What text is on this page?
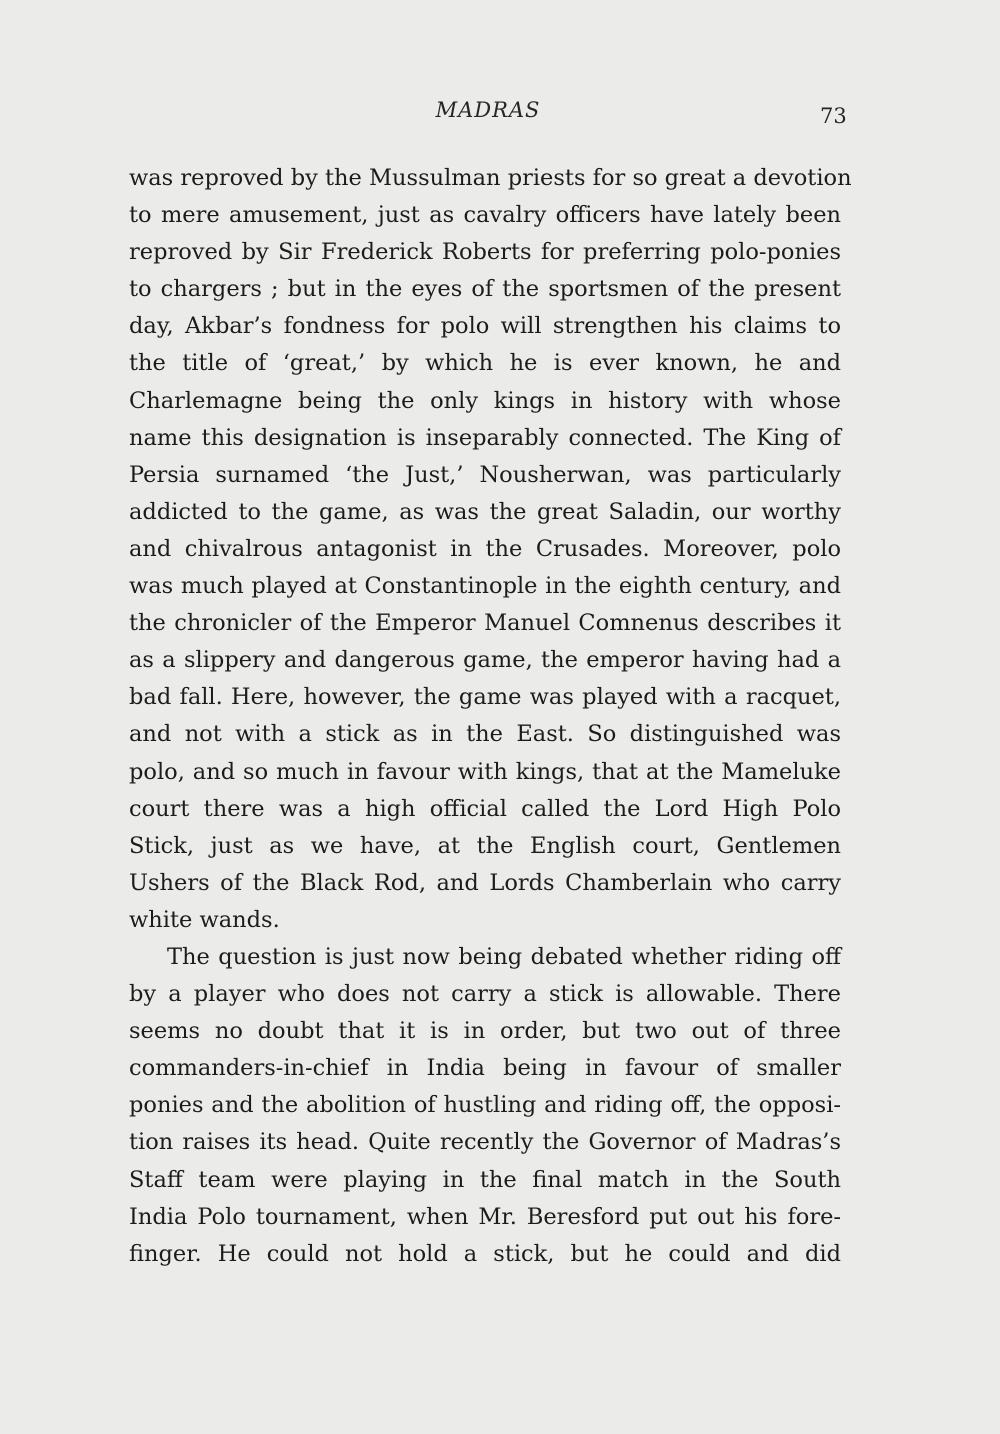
MADRAS	73

was reproved by the Mussulman priests for so great a devotion
to mere amusement, just as cavalry officers have lately been
reproved by Sir Frederick Roberts for preferring polo-ponies
to chargers ; but in the eyes of the sportsmen of the present
day, Akbar’s fondness for polo will strengthen his claims to
the title of ‘great,’ by which he is ever known, he and
Charlemagne being the only kings in history with whose
name this designation is inseparably connected. The King of
Persia surnamed ‘the Just,’ Nousherwan, was particularly
addicted to the game, as was the great Saladin, our worthy
and chivalrous antagonist in the Crusades. Moreover, polo
was much played at Constantinople in the eighth century, and
the chronicler of the Emperor Manuel Comnenus describes it
as a slippery and dangerous game, the emperor having had a
bad fall. Here, however, the game was played with a racquet,
and not with a stick as in the East. So distinguished was
polo, and so much in favour with kings, that at the Mameluke
court there was a high official called the Lord High Polo
Stick, just as we have, at the English court, Gentlemen
Ushers of the Black Rod, and Lords Chamberlain who carry
white wands.

The question is just now being debated whether riding off
by a player who does not carry a stick is allowable. There
seems no doubt that it is in order, but two out of three
commanders-in-chief in India being in favour of smaller
ponies and the abolition of hustling and riding off, the opposi-
tion raises its head. Quite recently the Governor of Madras’s
Staff team were playing in the final match in the South
India Polo tournament, when Mr. Beresford put out his fore-
finger. He could not hold a stick, but he could and did
